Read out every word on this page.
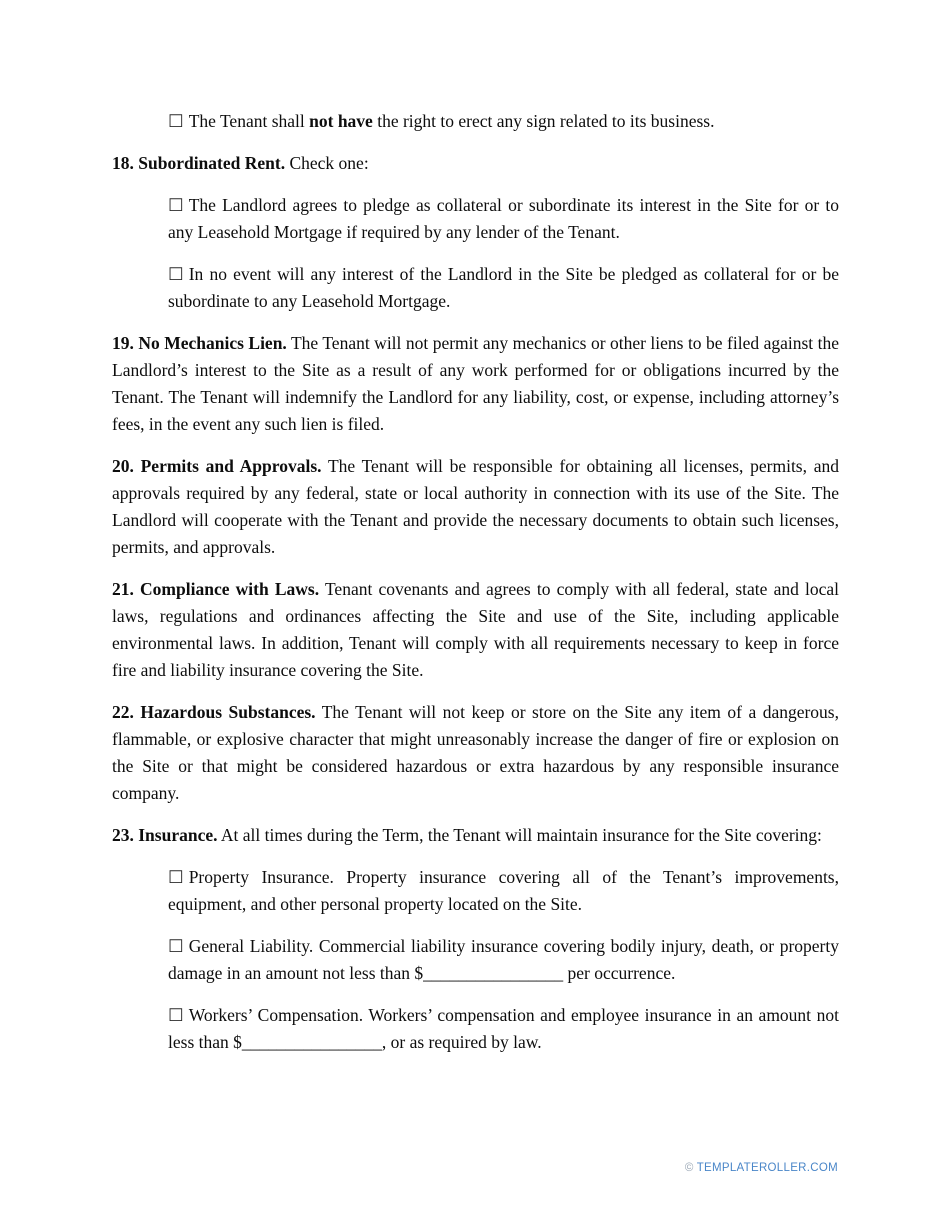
☐ The Tenant shall not have the right to erect any sign related to its business.

18. Subordinated Rent. Check one:

☐ The Landlord agrees to pledge as collateral or subordinate its interest in the Site for or to any Leasehold Mortgage if required by any lender of the Tenant.

☐ In no event will any interest of the Landlord in the Site be pledged as collateral for or be subordinate to any Leasehold Mortgage.

19. No Mechanics Lien. The Tenant will not permit any mechanics or other liens to be filed against the Landlord’s interest to the Site as a result of any work performed for or obligations incurred by the Tenant. The Tenant will indemnify the Landlord for any liability, cost, or expense, including attorney’s fees, in the event any such lien is filed.

20. Permits and Approvals. The Tenant will be responsible for obtaining all licenses, permits, and approvals required by any federal, state or local authority in connection with its use of the Site. The Landlord will cooperate with the Tenant and provide the necessary documents to obtain such licenses, permits, and approvals.

21. Compliance with Laws. Tenant covenants and agrees to comply with all federal, state and local laws, regulations and ordinances affecting the Site and use of the Site, including applicable environmental laws. In addition, Tenant will comply with all requirements necessary to keep in force fire and liability insurance covering the Site.

22. Hazardous Substances. The Tenant will not keep or store on the Site any item of a dangerous, flammable, or explosive character that might unreasonably increase the danger of fire or explosion on the Site or that might be considered hazardous or extra hazardous by any responsible insurance company.

23. Insurance. At all times during the Term, the Tenant will maintain insurance for the Site covering:

☐ Property Insurance. Property insurance covering all of the Tenant’s improvements, equipment, and other personal property located on the Site.

☐ General Liability. Commercial liability insurance covering bodily injury, death, or property damage in an amount not less than $________________ per occurrence.

☐ Workers’ Compensation. Workers’ compensation and employee insurance in an amount not less than $________________, or as required by law.

© TEMPLATEROLLER.COM
